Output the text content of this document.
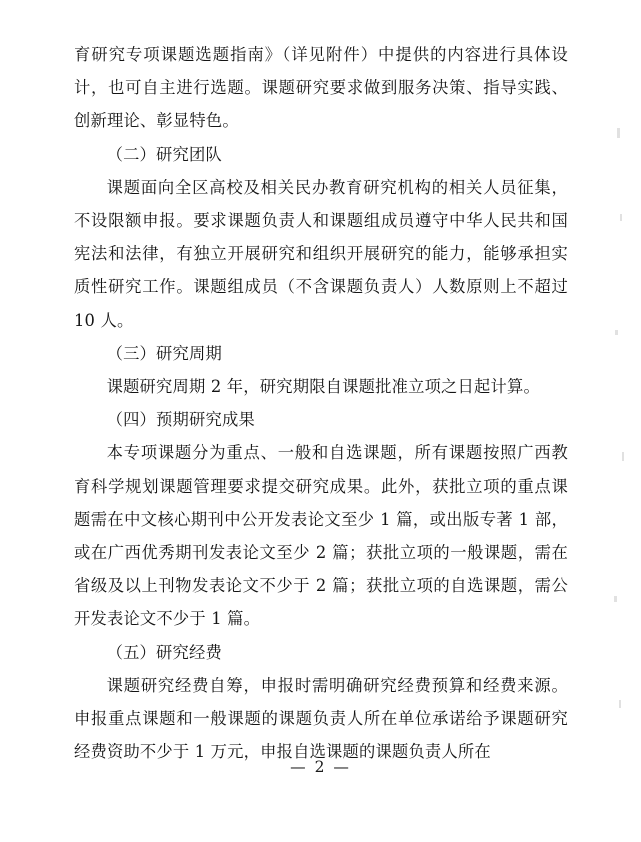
育研究专项课题选题指南》（详见附件）中提供的内容进行具体设计，也可自主进行选题。课题研究要求做到服务决策、指导实践、创新理论、彰显特色。

（二）研究团队

课题面向全区高校及相关民办教育研究机构的相关人员征集，不设限额申报。要求课题负责人和课题组成员遵守中华人民共和国宪法和法律，有独立开展研究和组织开展研究的能力，能够承担实质性研究工作。课题组成员（不含课题负责人）人数原则上不超过 10 人。

（三）研究周期

课题研究周期 2 年，研究期限自课题批准立项之日起计算。

（四）预期研究成果

本专项课题分为重点、一般和自选课题，所有课题按照广西教育科学规划课题管理要求提交研究成果。此外，获批立项的重点课题需在中文核心期刊中公开发表论文至少 1 篇，或出版专著 1 部，或在广西优秀期刊发表论文至少 2 篇；获批立项的一般课题，需在省级及以上刊物发表论文不少于 2 篇；获批立项的自选课题，需公开发表论文不少于 1 篇。

（五）研究经费

课题研究经费自筹，申报时需明确研究经费预算和经费来源。申报重点课题和一般课题的课题负责人所在单位承诺给予课题研究经费资助不少于 1 万元，申报自选课题的课题负责人所在

— 2 —
